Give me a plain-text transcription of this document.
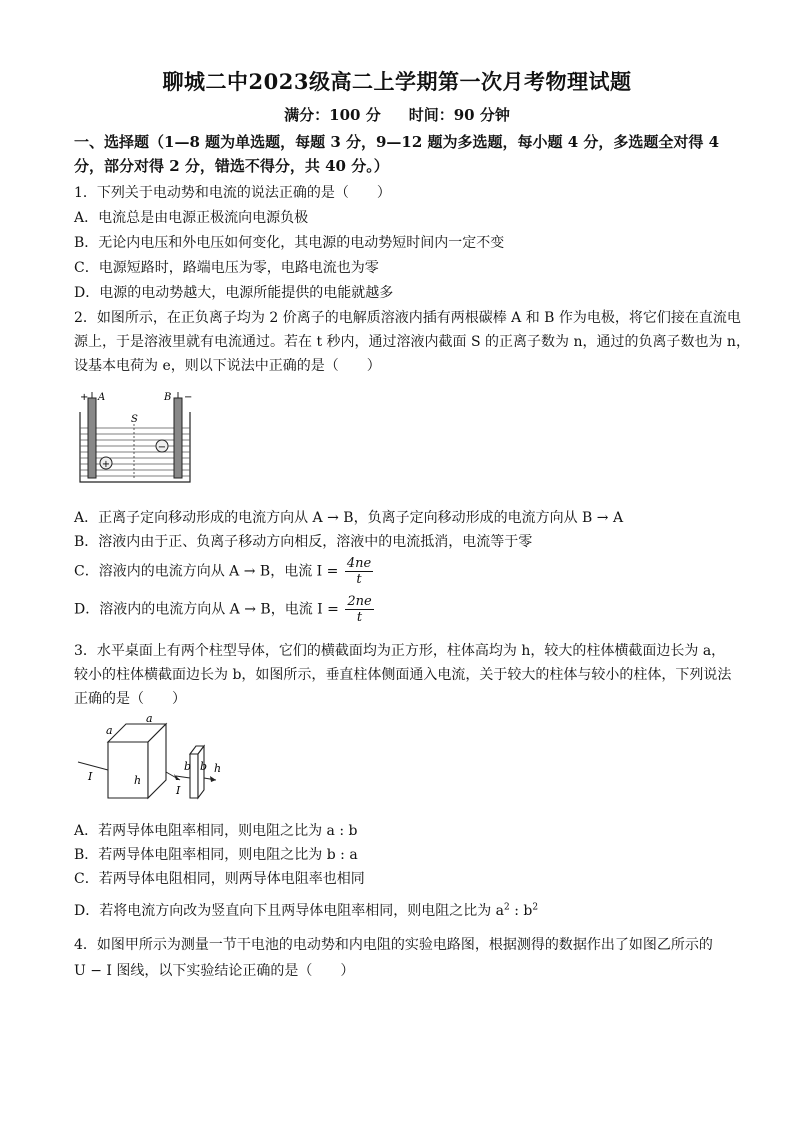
聊城二中2023级高二上学期第一次月考物理试题
满分：100 分 时间：90 分钟
一、选择题（1—8 题为单选题，每题 3 分，9—12 题为多选题，每小题 4 分，多选题全对得 4
分，部分对得 2 分，错选不得分，共 40 分。）
1．下列关于电动势和电流的说法正确的是（　　）
A．电流总是由电源正极流向电源负极
B．无论内电压和外电压如何变化，其电源的电动势短时间内一定不变
C．电源短路时，路端电压为零，电路电流也为零
D．电源的电动势越大，电源所能提供的电能就越多
2．如图所示，在正负离子均为 2 价离子的电解质溶液内插有两根碳棒 A 和 B 作为电极，将它们接在直流电
源上，于是溶液里就有电流通过。若在 t 秒内，通过溶液内截面 S 的正离子数为 n，通过的负离子数也为 n，
设基本电荷为 e，则以下说法中正确的是（　　）
+
−
+ A	B −
S
A．正离子定向移动形成的电流方向从 A → B，负离子定向移动形成的电流方向从 B → A
B．溶液内由于正、负离子移动方向相反，溶液中的电流抵消，电流等于零
C．溶液内的电流方向从 A → B，电流 $I = \frac{4ne}{t}$
D．溶液内的电流方向从 A → B，电流 $I = \frac{2ne}{t}$
3．水平桌面上有两个柱型导体，它们的横截面均为正方形，柱体高均为 h，较大的柱体横截面边长为 a，
较小的柱体横截面边长为 b，如图所示，垂直柱体侧面通入电流，关于较大的柱体与较小的柱体，下列说法
正确的是（　　）
a
a
h
I
b b h
I
A．若两导体电阻率相同，则电阻之比为 a : b
B．若两导体电阻率相同，则电阻之比为 b : a
C．若两导体电阻相同，则两导体电阻率也相同
D．若将电流方向改为竖直向下且两导体电阻率相同，则电阻之比为 $a^2$ : $b^2$
4．如图甲所示为测量一节干电池的电动势和内电阻的实验电路图，根据测得的数据作出了如图乙所示的
U − I 图线，以下实验结论正确的是（　　）
